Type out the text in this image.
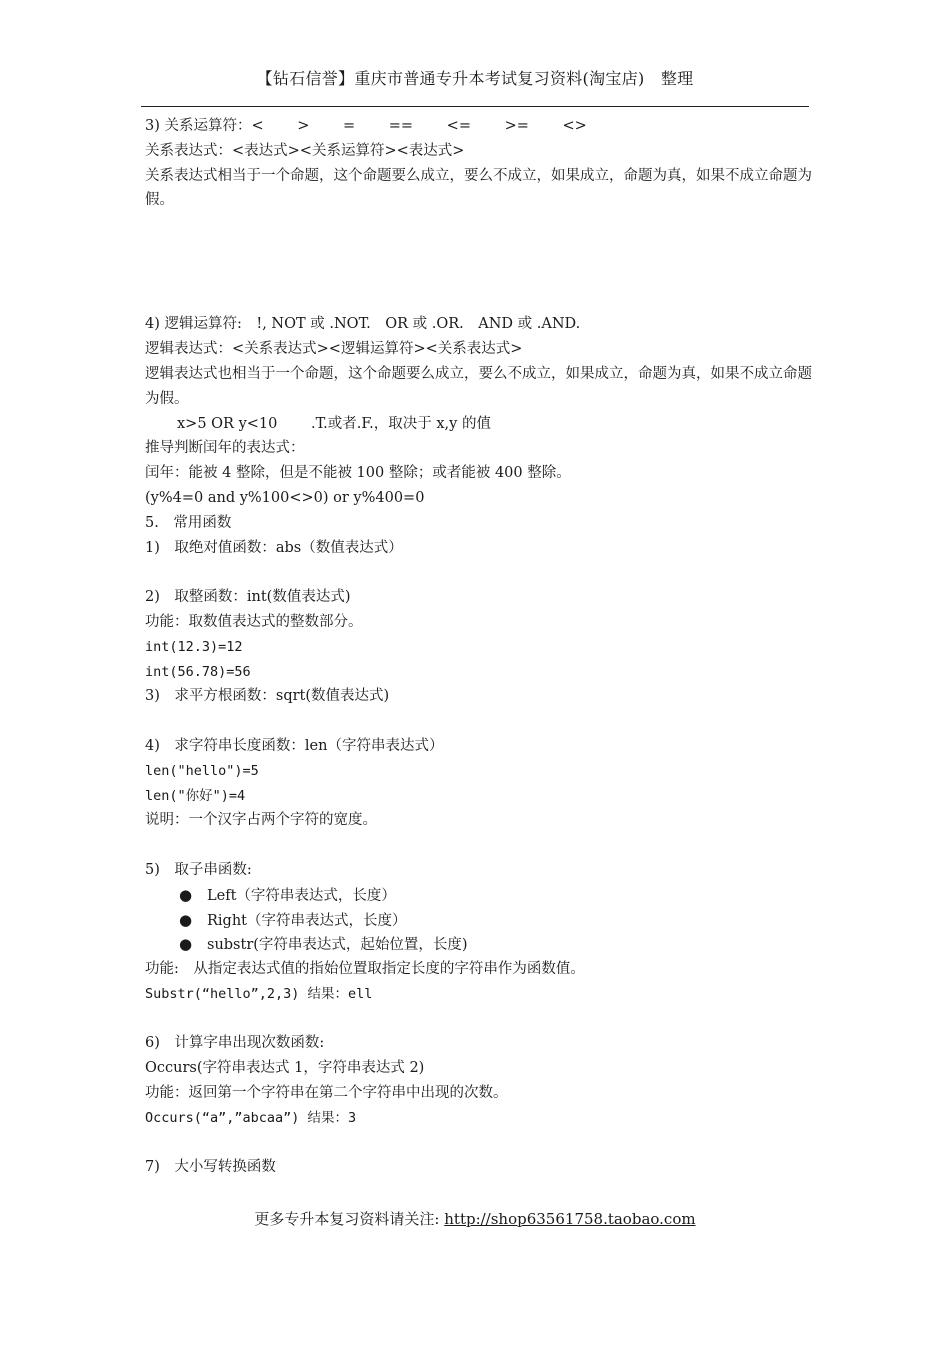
【钻石信誉】重庆市普通专升本考试复习资料(淘宝店)　整理
3) 关系运算符：<　　 >　　 =　　 ==　　 <=　　 >=　　 <>
关系表达式：<表达式><关系运算符><表达式>
关系表达式相当于一个命题，这个命题要么成立，要么不成立，如果成立，命题为真，如果不成立命题为假。

4) 逻辑运算符:　!, NOT 或 .NOT.　OR 或 .OR.　AND 或 .AND.
逻辑表达式：<关系表达式><逻辑运算符><关系表达式>
逻辑表达式也相当于一个命题，这个命题要么成立，要么不成立，如果成立，命题为真，如果不成立命题为假。
x>5 OR y<10　　 .T.或者.F.，取决于 x,y 的值
推导判断闰年的表达式：
闰年：能被 4 整除，但是不能被 100 整除；或者能被 400 整除。
(y%4=0 and y%100<>0) or y%400=0
5.　常用函数
1)　取绝对值函数：abs（数值表达式）
2)　取整函数：int(数值表达式)
功能：取数值表达式的整数部分。
int(12.3)=12
int(56.78)=56
3)　求平方根函数：sqrt(数值表达式)
4)　求字符串长度函数：len（字符串表达式）
len("hello")=5
len("你好")=4
说明：一个汉字占两个字符的宽度。
5)　取子串函数:
● Left（字符串表达式，长度）
● Right（字符串表达式，长度）
● substr(字符串表达式，起始位置，长度)
功能:　从指定表达式值的指始位置取指定长度的字符串作为函数值。
Substr(“hello”,2,3) 结果：ell
6)　计算字串出现次数函数:
Occurs(字符串表达式 1，字符串表达式 2)
功能：返回第一个字符串在第二个字符串中出现的次数。
Occurs(“a”,”abcaa”) 结果：3
7)　大小写转换函数
更多专升本复习资料请关注: http://shop63561758.taobao.com
